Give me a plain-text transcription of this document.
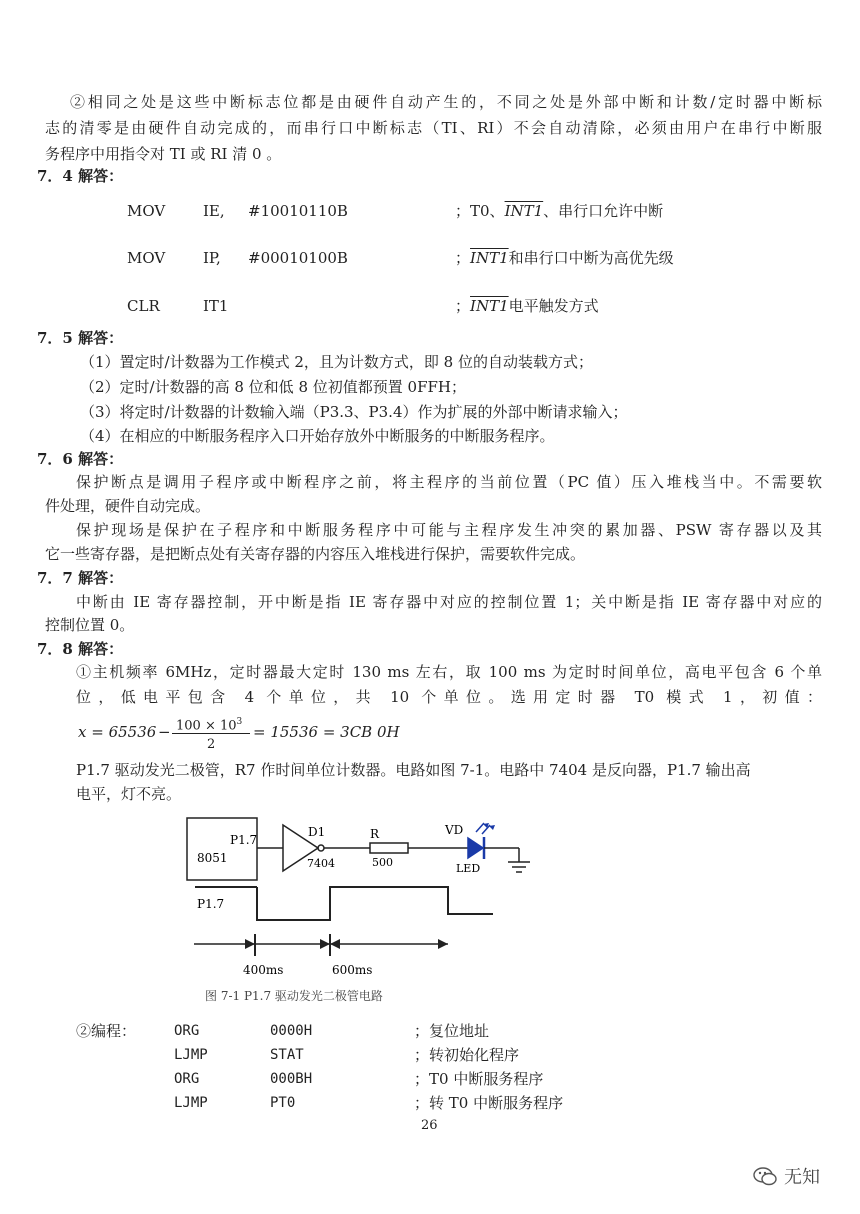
②相同之处是这些中断标志位都是由硬件自动产生的，不同之处是外部中断和计数/定时器中断标
志的清零是由硬件自动完成的，而串行口中断标志（TI、RI）不会自动清除，必须由用户在串行中断服
务程序中用指令对 TI 或 RI 清 0 。
7．4 解答：
MOV	IE, #10010110B	；T0、INT1、串行口允许中断
MOV	IP, #00010100B	；INT1和串行口中断为高优先级
CLR	IT1	；INT1电平触发方式
7．5 解答：
（1）置定时/计数器为工作模式 2，且为计数方式，即 8 位的自动装载方式；
（2）定时/计数器的高 8 位和低 8 位初值都预置 0FFH；
（3）将定时/计数器的计数输入端（P3.3、P3.4）作为扩展的外部中断请求输入；
（4）在相应的中断服务程序入口开始存放外中断服务的中断服务程序。
7．6 解答：
保护断点是调用子程序或中断程序之前，将主程序的当前位置（PC 值）压入堆栈当中。不需要软
件处理，硬件自动完成。
保护现场是保护在子程序和中断服务程序中可能与主程序发生冲突的累加器、PSW 寄存器以及其
它一些寄存器，是把断点处有关寄存器的内容压入堆栈进行保护，需要软件完成。
7．7 解答：
中断由 IE 寄存器控制，开中断是指 IE 寄存器中对应的控制位置 1；关中断是指 IE 寄存器中对应的
控制位置 0。
7．8 解答：
①主机频率 6MHz，定时器最大定时 130 ms 左右，取 100 ms 为定时时间单位，高电平包含 6 个单
位，低电平包含 4 个单位，共 10 个单位。选用定时器 T0 模式 1，初值：
$x = 65536 - 100 \times 10^3$
2
= 15536 = 3CB 0H
P1.7 驱动发光二极管，R7 作时间单位计数器。电路如图 7-1。电路中 7404 是反向器，P1.7 输出高
电平，灯不亮。
8051
P1.7
D1
7404
R
500
VD
LED
P1.7
400ms	600ms
图 7-1 P1.7 驱动发光二极管电路
②编程：	ORG	0000H	；复位地址
LJMP	STAT	；转初始化程序
ORG	000BH	；T0 中断服务程序
LJMP	PT0	；转 T0 中断服务程序
26
无知
